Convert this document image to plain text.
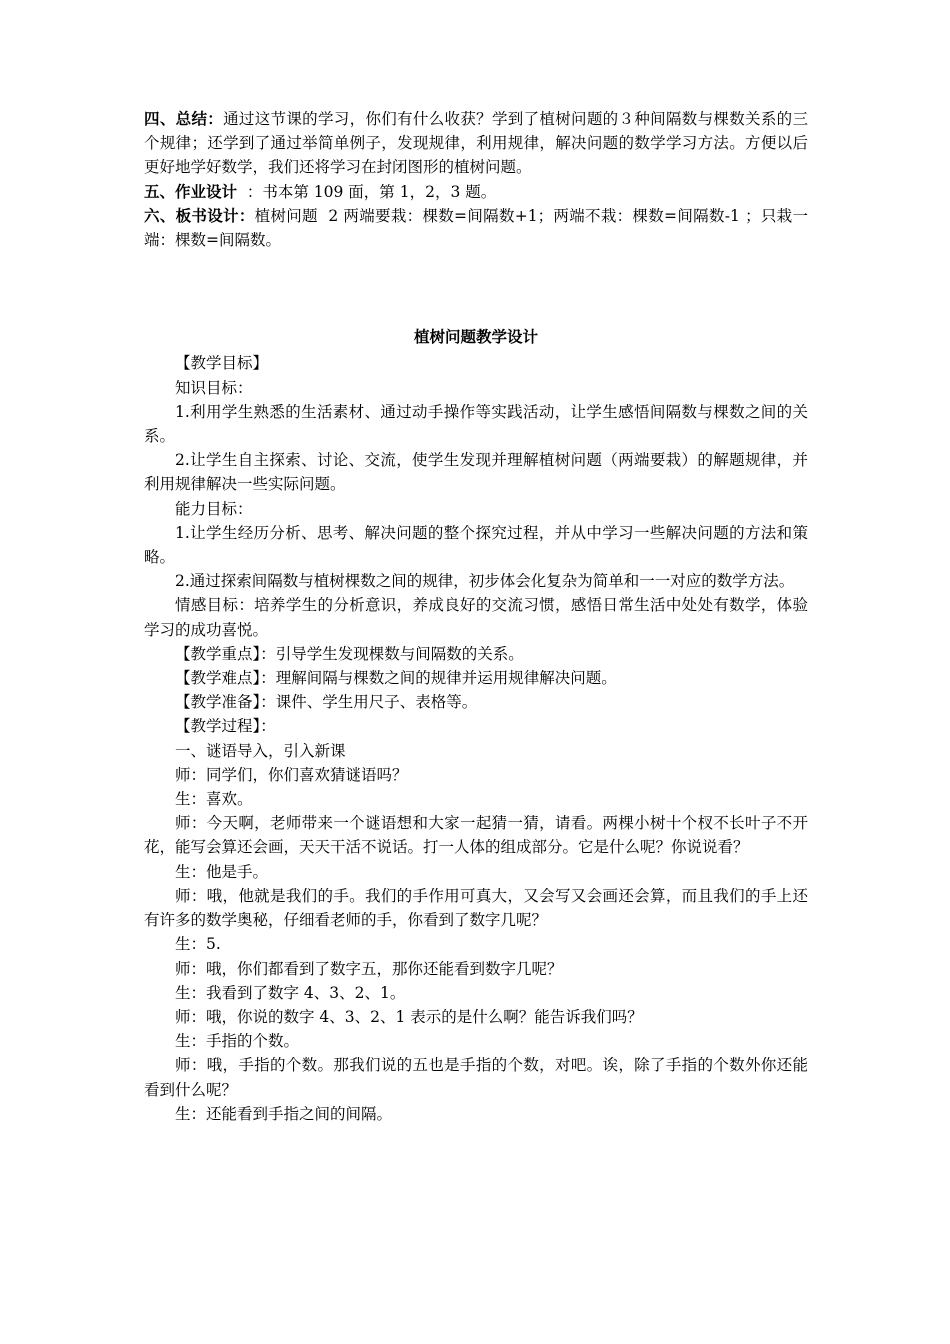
四、总结：通过这节课的学习，你们有什么收获？学到了植树问题的３种间隔数与棵数关系的三个规律；还学到了通过举简单例子，发现规律，利用规律，解决问题的数学学习方法。方便以后更好地学好数学，我们还将学习在封闭图形的植树问题。

五、作业设计  ：书本第 109 面，第 1，2，3 题。

六、板书设计：植树问题  2 两端要栽：棵数=间隔数+1；两端不栽：棵数=间隔数-1 ；只栽一端：棵数=间隔数。

植树问题教学设计

【教学目标】

知识目标：

1.利用学生熟悉的生活素材、通过动手操作等实践活动，让学生感悟间隔数与棵数之间的关系。

2.让学生自主探索、讨论、交流，使学生发现并理解植树问题（两端要栽）的解题规律，并利用规律解决一些实际问题。

能力目标：

1.让学生经历分析、思考、解决问题的整个探究过程，并从中学习一些解决问题的方法和策略。

2.通过探索间隔数与植树棵数之间的规律，初步体会化复杂为简单和一一对应的数学方法。

情感目标：培养学生的分析意识，养成良好的交流习惯，感悟日常生活中处处有数学，体验学习的成功喜悦。

【教学重点】：引导学生发现棵数与间隔数的关系。

【教学难点】：理解间隔与棵数之间的规律并运用规律解决问题。

【教学准备】：课件、学生用尺子、表格等。

【教学过程】：

一、谜语导入，引入新课

师：同学们，你们喜欢猜谜语吗？

生：喜欢。

师：今天啊，老师带来一个谜语想和大家一起猜一猜，请看。两棵小树十个杈不长叶子不开花，能写会算还会画，天天干活不说话。打一人体的组成部分。它是什么呢？你说说看？

生：他是手。

师：哦，他就是我们的手。我们的手作用可真大，又会写又会画还会算，而且我们的手上还有许多的数学奥秘，仔细看老师的手，你看到了数字几呢？

生：5.

师：哦，你们都看到了数字五，那你还能看到数字几呢？

生：我看到了数字 4、3、2、1。

师：哦，你说的数字 4、3、2、1 表示的是什么啊？能告诉我们吗？

生：手指的个数。

师：哦，手指的个数。那我们说的五也是手指的个数，对吧。诶，除了手指的个数外你还能看到什么呢？

生：还能看到手指之间的间隔。
